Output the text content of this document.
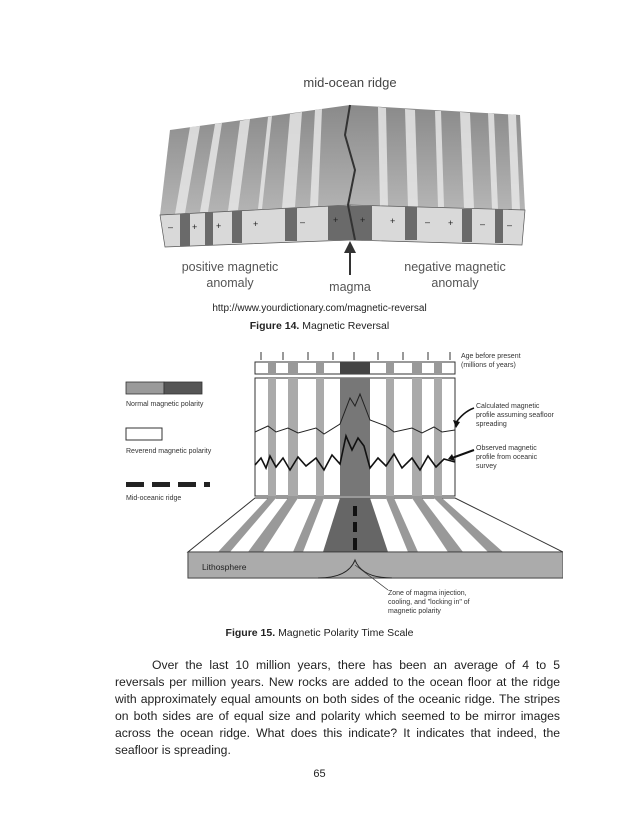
– + +	+	–	+ +	+	– +	– –
mid-ocean ridge
positive magnetic
anomaly	magma
negative magnetic
anomaly
http://www.yourdictionary.com/magnetic-reversal
Figure 14. Magnetic Reversal
Normal magnetic polarity
Reverend magnetic polarity
Mid-oceanic ridge
Age before present
(millions of years)
Calculated magnetic
profile assuming seafloor
spreading
Observed magnetic
profile from oceanic
survey
Lithosphere
Zone of magma injection,
cooling, and "locking in" of
magnetic polarity
Figure 15. Magnetic Polarity Time Scale
Over the last 10 million years, there has been an average of 4 to 5 reversals per million years. New rocks are added to the ocean floor at the ridge with approximately equal amounts on both sides of the oceanic ridge. The stripes on both sides are of equal size and polarity which seemed to be mirror images across the ocean ridge. What does this indicate? It indicates that indeed, the seafloor is spreading.
65
